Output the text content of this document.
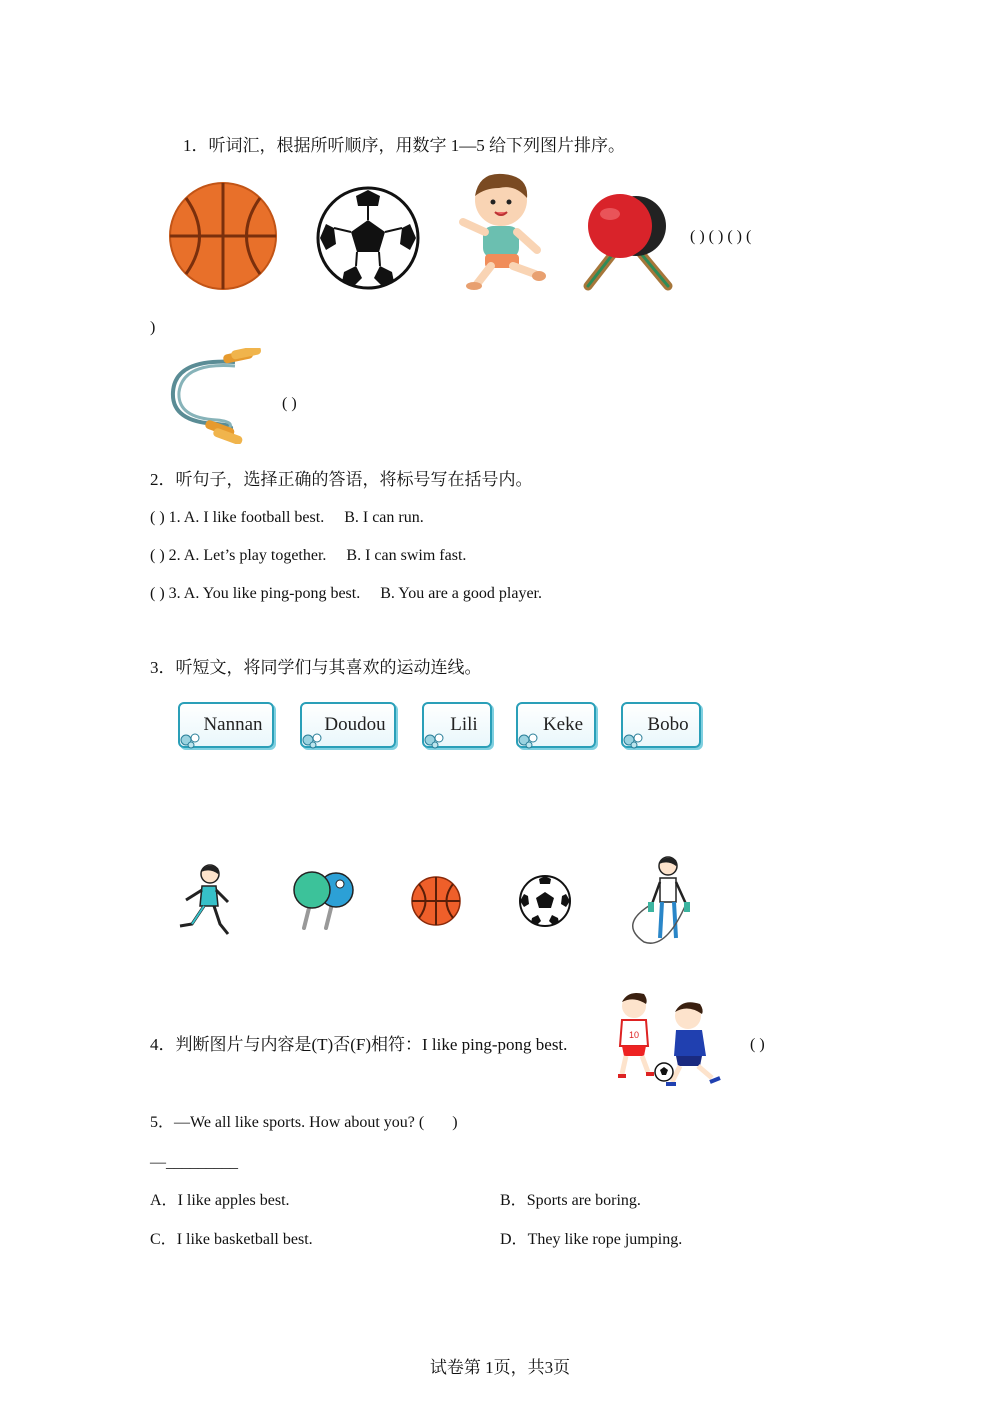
1．听词汇，根据所听顺序，用数字 1—5 给下列图片排序。
( ) ( ) ( ) (
)
( )
2．听句子，选择正确的答语，将标号写在括号内。
( ) 1. A. I like football best.     B. I can run.
( ) 2. A. Let’s play together.     B. I can swim fast.
( ) 3. A. You like ping-pong best.     B. You are a good player.
3．听短文，将同学们与其喜欢的运动连线。
Nannan	Doudou	Lili	Keke	Bobo
4．判断图片与内容是(T)否(F)相符：I like ping-pong best.	10
( )
5．—We all like sports. How about you? (       )
—_________
A．I like apples best.	B．Sports are boring.
C．I like basketball best.	D．They like rope jumping.
试卷第 1页，共3页
